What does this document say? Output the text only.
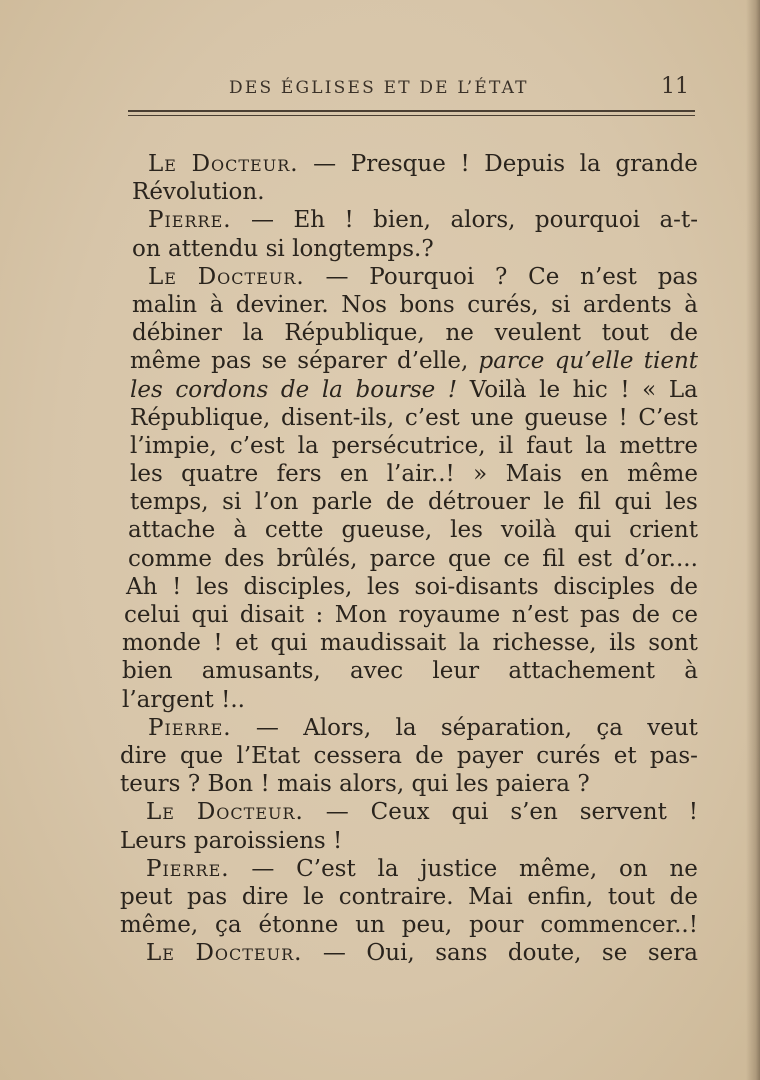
DES ÉGLISES ET DE L’ÉTAT	11
Le Docteur. — Presque ! Depuis la grande
Révolution.
Pierre. — Eh ! bien, alors, pourquoi a-t-
on attendu si longtemps.?
Le Docteur. — Pourquoi ? Ce n’est pas
malin à deviner. Nos bons curés, si ardents à
débiner la République, ne veulent tout de
même pas se séparer d’elle, parce qu’elle tient
les cordons de la bourse ! Voilà le hic ! « La
République, disent-ils, c’est une gueuse ! C’est
l’impie, c’est la persécutrice, il faut la mettre
les quatre fers en l’air..! » Mais en même
temps, si l’on parle de détrouer le fil qui les
attache à cette gueuse, les voilà qui crient
comme des brûlés, parce que ce fil est d’or....
Ah ! les disciples, les soi-disants disciples de
celui qui disait : Mon royaume n’est pas de ce
monde ! et qui maudissait la richesse, ils sont
bien amusants, avec leur attachement à
l’argent !..
Pierre. — Alors, la séparation, ça veut
dire que l’Etat cessera de payer curés et pas-
teurs ? Bon ! mais alors, qui les paiera ?
Le Docteur. — Ceux qui s’en servent !
Leurs paroissiens !
Pierre. — C’est la justice même, on ne
peut pas dire le contraire. Mai enfin, tout de
même, ça étonne un peu, pour commencer..!
Le Docteur. — Oui, sans doute, se sera
